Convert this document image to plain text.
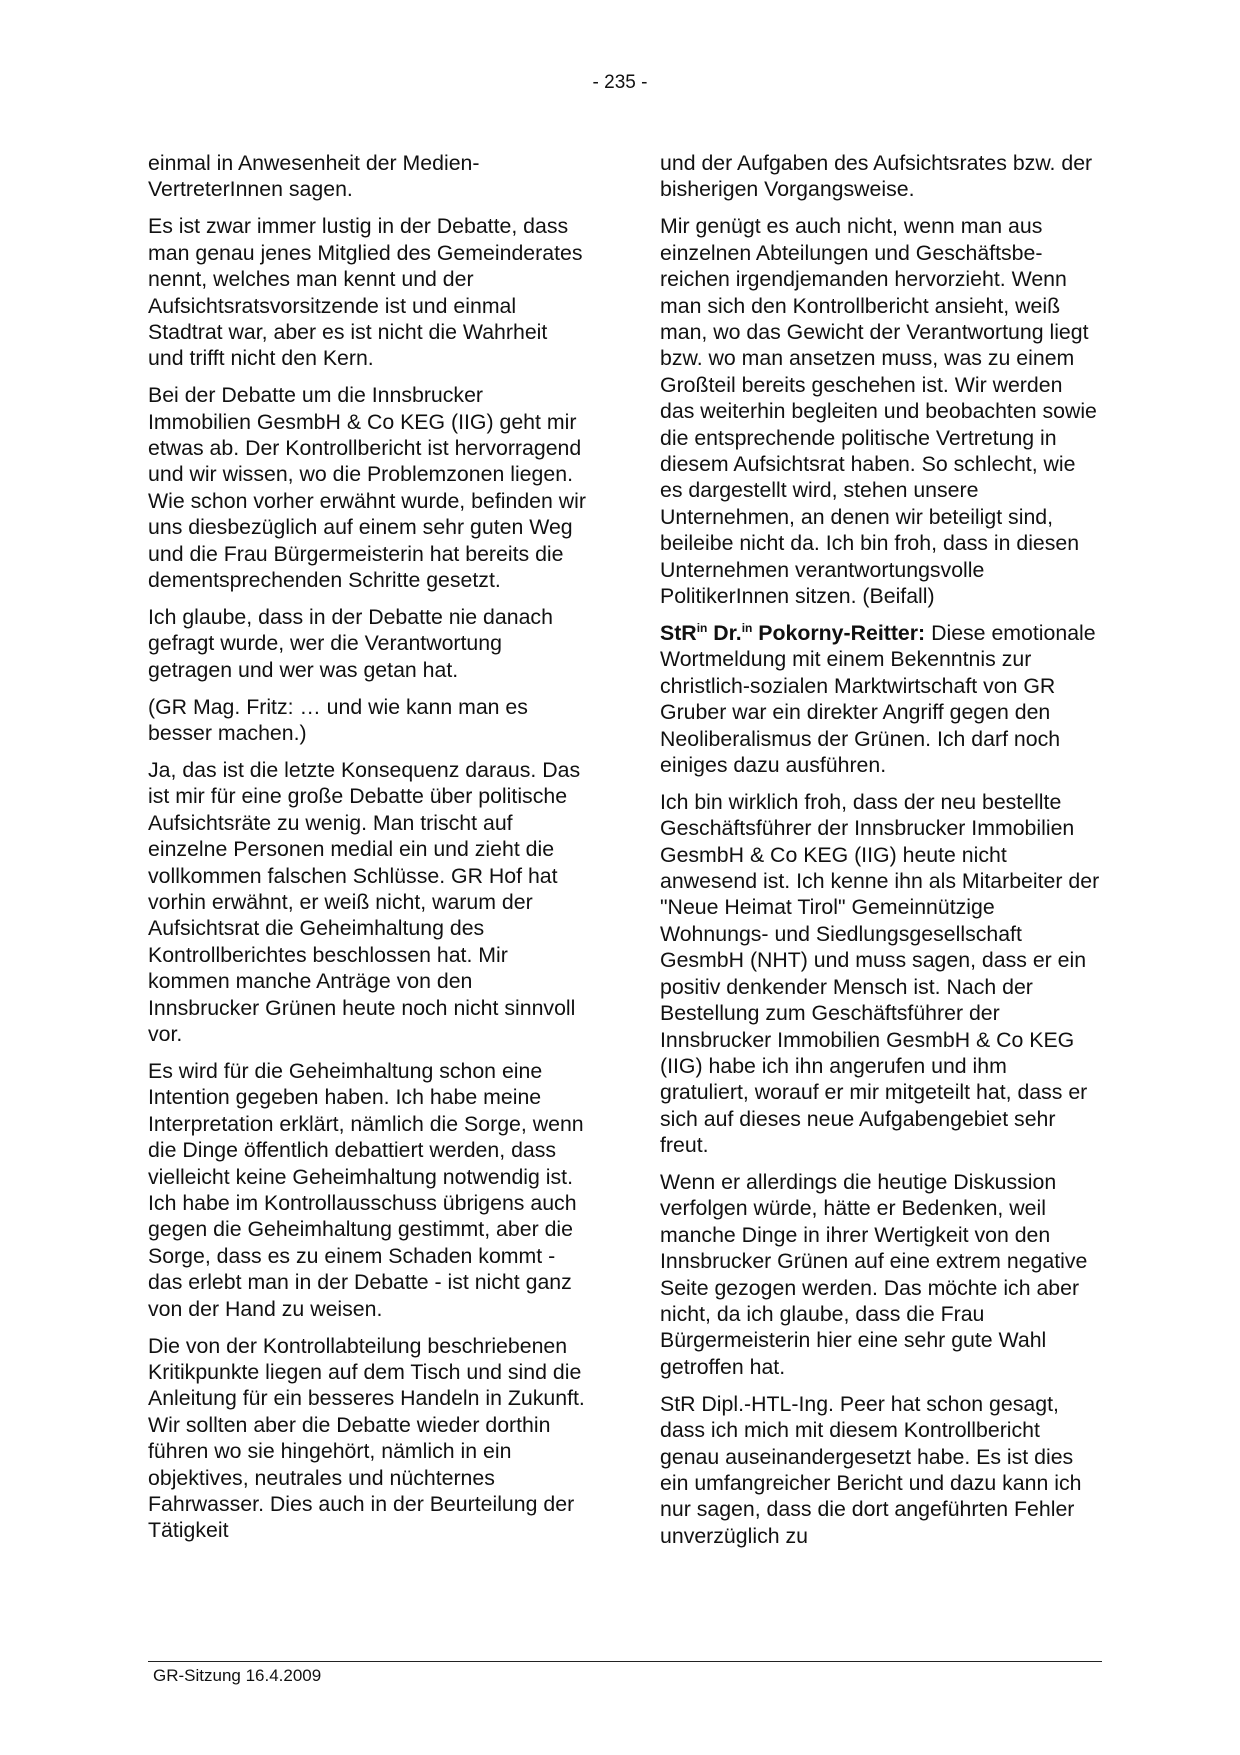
- 235 -

einmal in Anwesenheit der Medien-VertreterInnen sagen.

Es ist zwar immer lustig in der Debatte, dass man genau jenes Mitglied des Gemeinderates nennt, welches man kennt und der Aufsichtsratsvorsitzende ist und einmal Stadtrat war, aber es ist nicht die Wahrheit und trifft nicht den Kern.

Bei der Debatte um die Innsbrucker Immobilien GesmbH & Co KEG (IIG) geht mir etwas ab. Der Kontrollbericht ist hervorragend und wir wissen, wo die Problemzonen liegen. Wie schon vorher erwähnt wurde, befinden wir uns diesbezüglich auf einem sehr guten Weg und die Frau Bürgermeisterin hat bereits die dementsprechenden Schritte gesetzt.

Ich glaube, dass in der Debatte nie danach gefragt wurde, wer die Verantwortung getragen und wer was getan hat.

(GR Mag. Fritz: … und wie kann man es besser machen.)

Ja, das ist die letzte Konsequenz daraus. Das ist mir für eine große Debatte über politische Aufsichtsräte zu wenig. Man trischt auf einzelne Personen medial ein und zieht die vollkommen falschen Schlüsse. GR Hof hat vorhin erwähnt, er weiß nicht, warum der Aufsichtsrat die Geheimhaltung des Kontrollberichtes beschlossen hat. Mir kommen manche Anträge von den Innsbrucker Grünen heute noch nicht sinnvoll vor.

Es wird für die Geheimhaltung schon eine Intention gegeben haben. Ich habe meine Interpretation erklärt, nämlich die Sorge, wenn die Dinge öffentlich debattiert werden, dass vielleicht keine Geheimhaltung notwendig ist. Ich habe im Kontrollausschuss übrigens auch gegen die Geheimhaltung gestimmt, aber die Sorge, dass es zu einem Schaden kommt - das erlebt man in der Debatte - ist nicht ganz von der Hand zu weisen.

Die von der Kontrollabteilung beschriebenen Kritikpunkte liegen auf dem Tisch und sind die Anleitung für ein besseres Handeln in Zukunft. Wir sollten aber die Debatte wieder dorthin führen wo sie hingehört, nämlich in ein objektives, neutrales und nüchternes Fahrwasser. Dies auch in der Beurteilung der Tätigkeit

und der Aufgaben des Aufsichtsrates bzw. der bisherigen Vorgangsweise.

Mir genügt es auch nicht, wenn man aus einzelnen Abteilungen und Geschäftsbe-reichen irgendjemanden hervorzieht. Wenn man sich den Kontrollbericht ansieht, weiß man, wo das Gewicht der Verantwortung liegt bzw. wo man ansetzen muss, was zu einem Großteil bereits geschehen ist. Wir werden das weiterhin begleiten und beobachten sowie die entsprechende politische Vertretung in diesem Aufsichtsrat haben. So schlecht, wie es dargestellt wird, stehen unsere Unternehmen, an denen wir beteiligt sind, beileibe nicht da. Ich bin froh, dass in diesen Unternehmen verantwortungsvolle PolitikerInnen sitzen. (Beifall)

StR$^{in}$ Dr.$^{in}$ Pokorny-Reitter: Diese emotionale Wortmeldung mit einem Bekenntnis zur christlich-sozialen Marktwirtschaft von GR Gruber war ein direkter Angriff gegen den Neoliberalismus der Grünen. Ich darf noch einiges dazu ausführen.

Ich bin wirklich froh, dass der neu bestellte Geschäftsführer der Innsbrucker Immobilien GesmbH & Co KEG (IIG) heute nicht anwesend ist. Ich kenne ihn als Mitarbeiter der "Neue Heimat Tirol" Gemeinnützige Wohnungs- und Siedlungsgesellschaft GesmbH (NHT) und muss sagen, dass er ein positiv denkender Mensch ist. Nach der Bestellung zum Geschäftsführer der Innsbrucker Immobilien GesmbH & Co KEG (IIG) habe ich ihn angerufen und ihm gratuliert, worauf er mir mitgeteilt hat, dass er sich auf dieses neue Aufgabengebiet sehr freut.

Wenn er allerdings die heutige Diskussion verfolgen würde, hätte er Bedenken, weil manche Dinge in ihrer Wertigkeit von den Innsbrucker Grünen auf eine extrem negative Seite gezogen werden. Das möchte ich aber nicht, da ich glaube, dass die Frau Bürgermeisterin hier eine sehr gute Wahl getroffen hat.

StR Dipl.-HTL-Ing. Peer hat schon gesagt, dass ich mich mit diesem Kontrollbericht genau auseinandergesetzt habe. Es ist dies ein umfangreicher Bericht und dazu kann ich nur sagen, dass die dort angeführten Fehler unverzüglich zu

GR-Sitzung 16.4.2009
